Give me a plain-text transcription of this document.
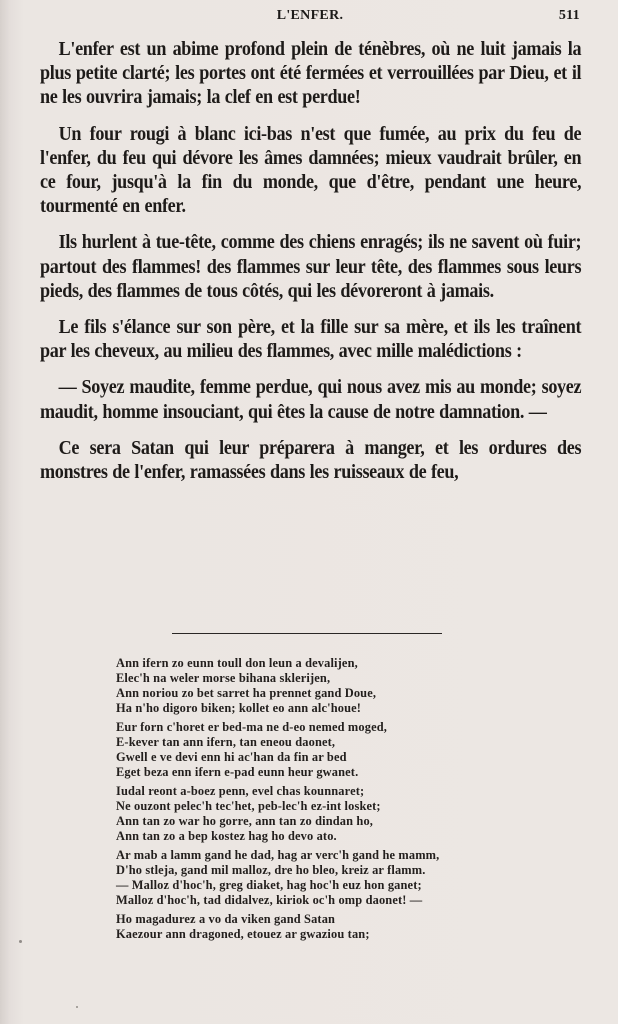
L'ENFER.	511

L'enfer est un abime profond plein de ténèbres, où ne luit jamais la plus petite clarté; les portes ont été fermées et verrouillées par Dieu, et il ne les ouvrira jamais; la clef en est perdue!

Un four rougi à blanc ici-bas n'est que fumée, au prix du feu de l'enfer, du feu qui dévore les âmes damnées; mieux vaudrait brûler, en ce four, jusqu'à la fin du monde, que d'être, pendant une heure, tourmenté en enfer.

Ils hurlent à tue-tête, comme des chiens enragés; ils ne savent où fuir; partout des flammes! des flammes sur leur tête, des flammes sous leurs pieds, des flammes de tous côtés, qui les dévoreront à jamais.

Le fils s'élance sur son père, et la fille sur sa mère, et ils les traînent par les cheveux, au milieu des flammes, avec mille malédictions :

— Soyez maudite, femme perdue, qui nous avez mis au monde; soyez maudit, homme insouciant, qui êtes la cause de notre damnation. —

Ce sera Satan qui leur préparera à manger, et les ordures des monstres de l'enfer, ramassées dans les ruisseaux de feu,

Ann ifern zo eunn toull don leun a devalijen,
Elec'h na weler morse bihana sklerijen,
Ann noriou zo bet sarret ha prennet gand Doue,
Ha n'ho digoro biken; kollet eo ann alc'houe!
Eur forn c'horet er bed-ma ne d-eo nemed moged,
E-kever tan ann ifern, tan eneou daonet,
Gwell e ve devi enn hi ac'han da fin ar bed
Eget beza enn ifern e-pad eunn heur gwanet.
Iudal reont a-boez penn, evel chas kounnaret;
Ne ouzont pelec'h tec'het, peb-lec'h ez-int losket;
Ann tan zo war ho gorre, ann tan zo dindan ho,
Ann tan zo a bep kostez hag ho devo ato.
Ar mab a lamm gand he dad, hag ar verc'h gand he mamm,
D'ho stleja, gand mil malloz, dre ho bleo, kreiz ar flamm.
— Malloz d'hoc'h, greg diaket, hag hoc'h euz hon ganet;
Malloz d'hoc'h, tad didalvez, kiriok oc'h omp daonet! —
Ho magadurez a vo da viken gand Satan
Kaezour ann dragoned, etouez ar gwaziou tan;
